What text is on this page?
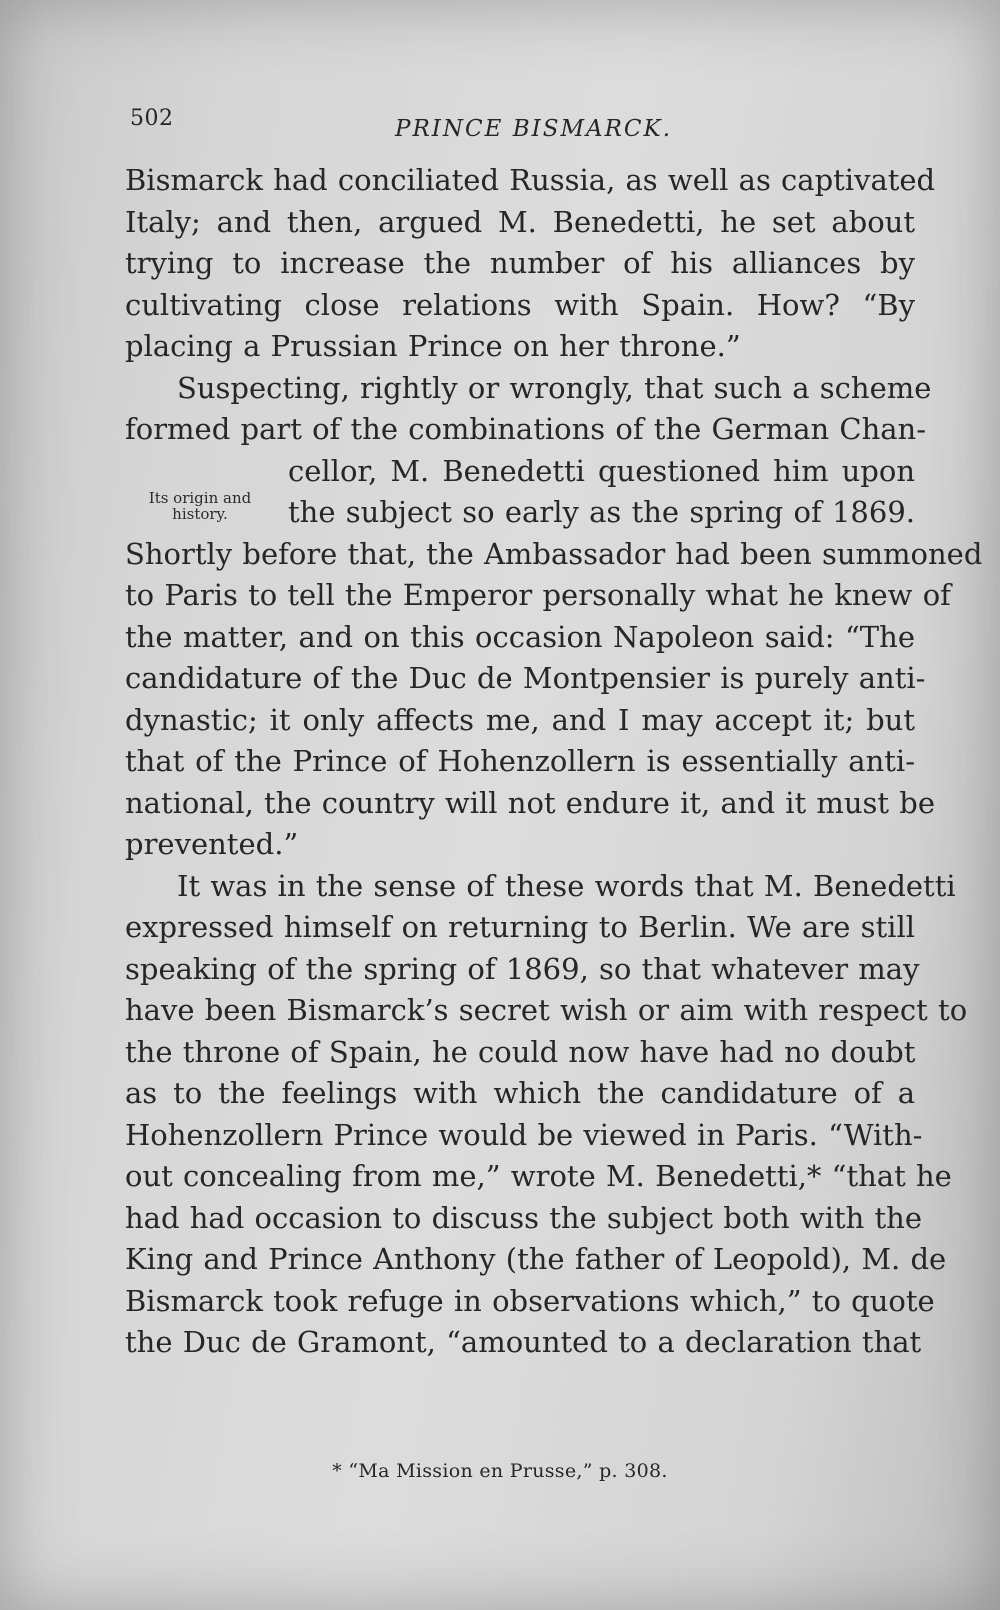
502	PRINCE BISMARCK.
Its origin and history.
Bismarck had conciliated Russia, as well as captivated
Italy; and then, argued M. Benedetti, he set about
trying to increase the number of his alliances by
cultivating close relations with Spain. How? “By
placing a Prussian Prince on her throne.”
Suspecting, rightly or wrongly, that such a scheme
formed part of the combinations of the German Chan-
cellor, M. Benedetti questioned him upon
the subject so early as the spring of 1869.
Shortly before that, the Ambassador had been summoned
to Paris to tell the Emperor personally what he knew of
the matter, and on this occasion Napoleon said: “The
candidature of the Duc de Montpensier is purely anti-
dynastic; it only affects me, and I may accept it; but
that of the Prince of Hohenzollern is essentially anti-
national, the country will not endure it, and it must be
prevented.”
It was in the sense of these words that M. Benedetti
expressed himself on returning to Berlin. We are still
speaking of the spring of 1869, so that whatever may
have been Bismarck’s secret wish or aim with respect to
the throne of Spain, he could now have had no doubt
as to the feelings with which the candidature of a
Hohenzollern Prince would be viewed in Paris. “With-
out concealing from me,” wrote M. Benedetti,* “that he
had had occasion to discuss the subject both with the
King and Prince Anthony (the father of Leopold), M. de
Bismarck took refuge in observations which,” to quote
the Duc de Gramont, “amounted to a declaration that
* “Ma Mission en Prusse,” p. 308.
